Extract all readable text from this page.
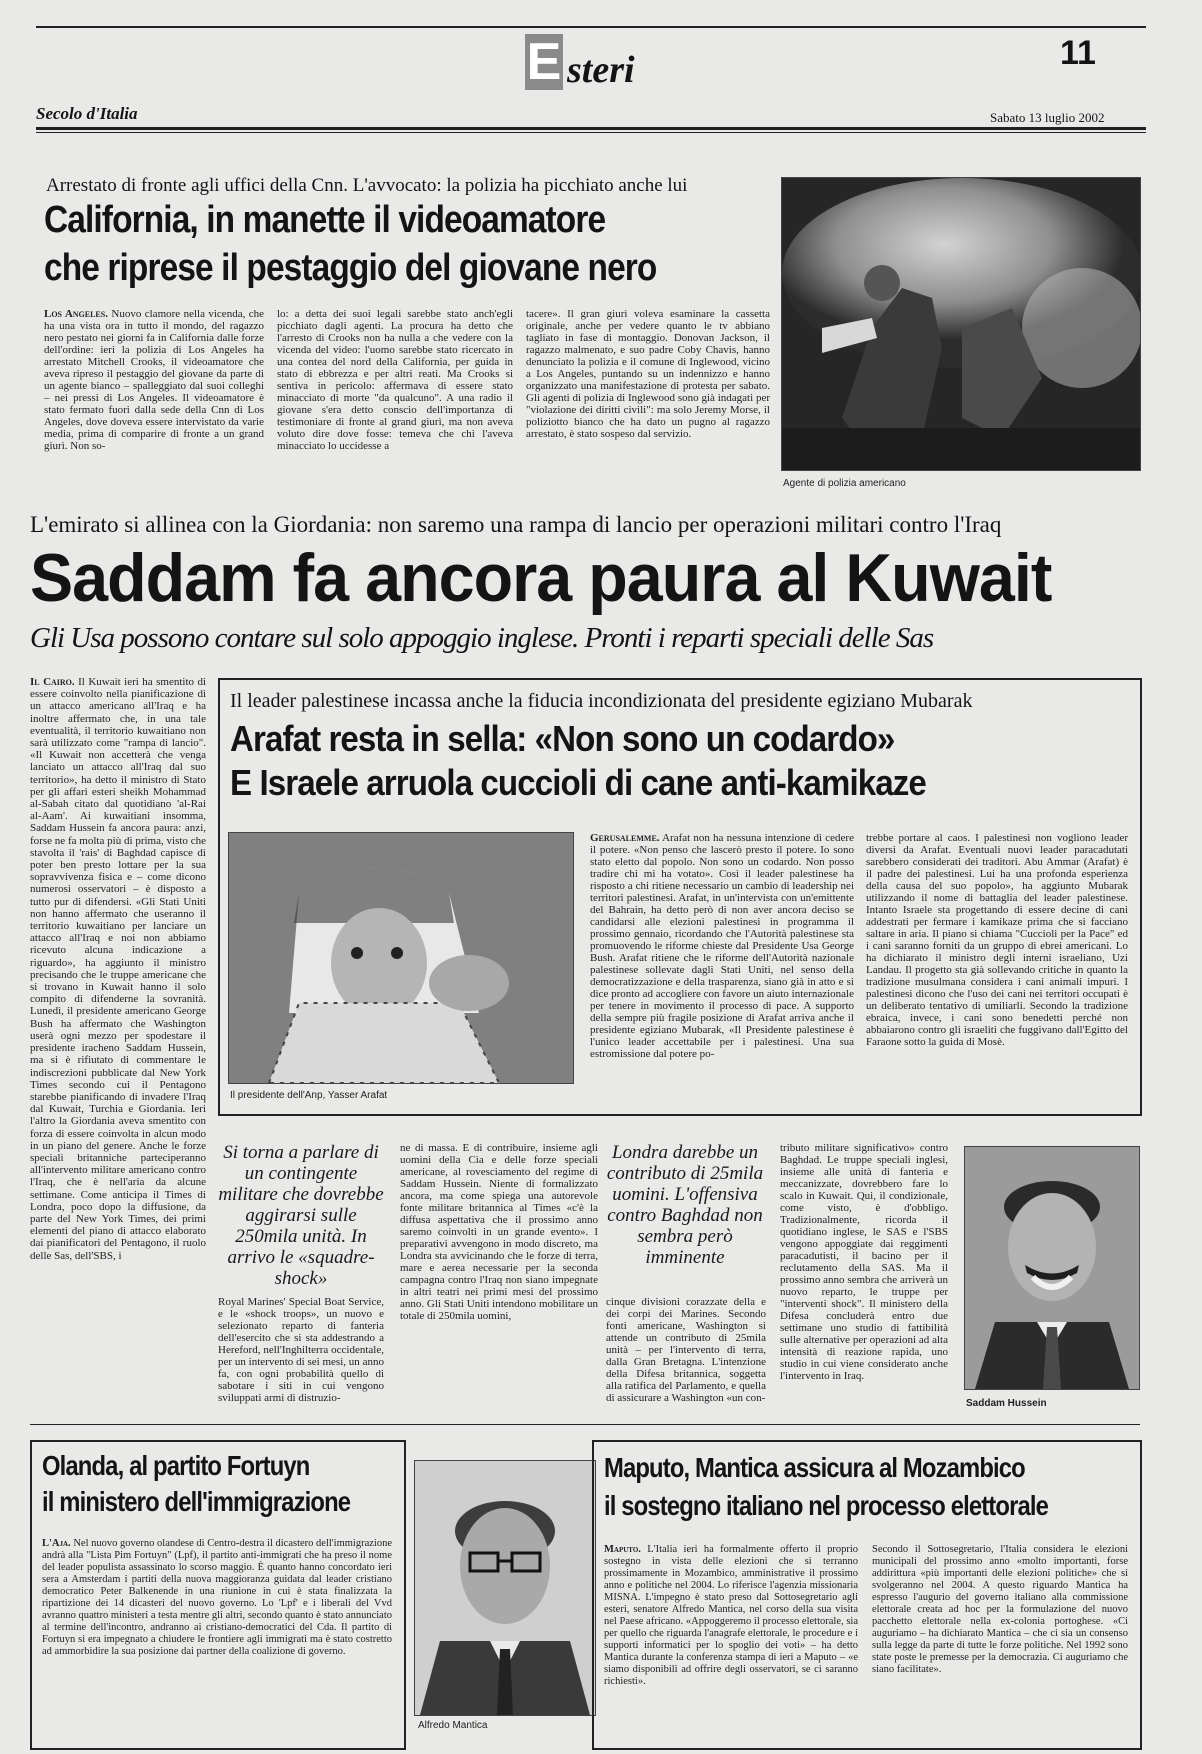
E steri	11
Secolo d'Italia	Sabato 13 luglio 2002
Arrestato di fronte agli uffici della Cnn. L'avvocato: la polizia ha picchiato anche lui
California, in manette il videoamatore
che riprese il pestaggio del giovane nero
Los Angeles. Nuovo clamore nella vicenda, che ha una vista ora in tutto il mondo, del ragazzo nero pestato nei giorni fa in California dalle forze dell'ordine: ieri la polizia di Los Angeles ha arrestato Mitchell Crooks, il videoamatore che aveva ripreso il pestaggio del giovane da parte di un agente bianco – spalleggiato dal suoi colleghi – nei pressi di Los Angeles. Il videoamatore è stato fermato fuori dalla sede della Cnn di Los Angeles, dove doveva essere intervistato da varie media, prima di comparire di fronte a un grand giurì. Non so-
lo: a detta dei suoi legali sarebbe stato anch'egli picchiato dagli agenti. La procura ha detto che l'arresto di Crooks non ha nulla a che vedere con la vicenda del video: l'uomo sarebbe stato ricercato in una contea del nord della California, per guida in stato di ebbrezza e per altri reati. Ma Crooks si sentiva in pericolo: affermava di essere stato minacciato di morte "da qualcuno". A una radio il giovane s'era detto conscio dell'importanza di testimoniare di fronte al grand giurì, ma non aveva voluto dire dove fosse: temeva che chi l'aveva minacciato lo uccidesse a
tacere». Il gran giurì voleva esaminare la cassetta originale, anche per vedere quanto le tv abbiano tagliato in fase di montaggio. Donovan Jackson, il ragazzo malmenato, e suo padre Coby Chavis, hanno denunciato la polizia e il comune di Inglewood, vicino a Los Angeles, puntando su un indennizzo e hanno organizzato una manifestazione di protesta per sabato. Gli agenti di polizia di Inglewood sono già indagati per "violazione dei diritti civili": ma solo Jeremy Morse, il poliziotto bianco che ha dato un pugno al ragazzo arrestato, è stato sospeso dal servizio.
Agente di polizia americano
L'emirato si allinea con la Giordania: non saremo una rampa di lancio per operazioni militari contro l'Iraq
Saddam fa ancora paura al Kuwait
Gli Usa possono contare sul solo appoggio inglese. Pronti i reparti speciali delle Sas
Il Cairo. Il Kuwait ieri ha smentito di essere coinvolto nella pianificazione di un attacco americano all'Iraq e ha inoltre affermato che, in una tale eventualità, il territorio kuwaitiano non sarà utilizzato come "rampa di lancio". «Il Kuwait non accetterà che venga lanciato un attacco all'Iraq dal suo territorio», ha detto il ministro di Stato per gli affari esteri sheikh Mohammad al-Sabah citato dal quotidiano 'al-Rai al-Aam'. Ai kuwaitiani insomma, Saddam Hussein fa ancora paura: anzi, forse ne fa molta più di prima, visto che stavolta il 'rais' di Baghdad capisce di poter ben presto lottare per la sua sopravvivenza fisica e – come dicono numerosi osservatori – è disposto a tutto pur di difendersi. «Gli Stati Uniti non hanno affermato che useranno il territorio kuwaitiano per lanciare un attacco all'Iraq e noi non abbiamo ricevuto alcuna indicazione a riguardo», ha aggiunto il ministro precisando che le truppe americane che si trovano in Kuwait hanno il solo compito di difenderne la sovranità. Lunedì, il presidente americano George Bush ha affermato che Washington userà ogni mezzo per spodestare il presidente iracheno Saddam Hussein, ma si è rifiutato di commentare le indiscrezioni pubblicate dal New York Times secondo cui il Pentagono starebbe pianificando di invadere l'Iraq dal Kuwait, Turchia e Giordania. Ieri l'altro la Giordania aveva smentito con forza di essere coinvolta in alcun modo in un piano del genere. Anche le forze speciali britanniche parteciperanno all'intervento militare americano contro l'Iraq, che è nell'aria da alcune settimane. Come anticipa il Times di Londra, poco dopo la diffusione, da parte del New York Times, dei primi elementi del piano di attacco elaborato dai pianificatori del Pentagono, il ruolo delle Sas, dell'SBS, i
Il leader palestinese incassa anche la fiducia incondizionata del presidente egiziano Mubarak
Arafat resta in sella: «Non sono un codardo»
E Israele arruola cuccioli di cane anti-kamikaze
Il presidente dell'Anp, Yasser Arafat
Gerusalemme. Arafat non ha nessuna intenzione di cedere il potere. «Non penso che lascerò presto il potere. Io sono stato eletto dal popolo. Non sono un codardo. Non posso tradire chi mi ha votato». Così il leader palestinese ha risposto a chi ritiene necessario un cambio di leadership nei territori palestinesi. Arafat, in un'intervista con un'emittente del Bahrain, ha detto però di non aver ancora deciso se candidarsi alle elezioni palestinesi in programma il prossimo gennaio, ricordando che l'Autorità palestinese sta promuovendo le riforme chieste dal Presidente Usa George Bush. Arafat ritiene che le riforme dell'Autorità nazionale palestinese sollevate dagli Stati Uniti, nel senso della democratizzazione e della trasparenza, siano già in atto e si dice pronto ad accogliere con favore un aiuto internazionale per tenere in movimento il processo di pace. A supporto della sempre più fragile posizione di Arafat arriva anche il presidente egiziano Mubarak, «Il Presidente palestinese è l'unico leader accettabile per i palestinesi. Una sua estromissione dal potere po-
trebbe portare al caos. I palestinesi non vogliono leader diversi da Arafat. Eventuali nuovi leader paracadutati sarebbero considerati dei traditori. Abu Ammar (Arafat) è il padre dei palestinesi. Lui ha una profonda esperienza della causa del suo popolo», ha aggiunto Mubarak utilizzando il nome di battaglia del leader palestinese. Intanto Israele sta progettando di essere decine di cani addestrati per fermare i kamikaze prima che si facciano saltare in aria. Il piano si chiama "Cuccioli per la Pace" ed i cani saranno forniti da un gruppo di ebrei americani. Lo ha dichiarato il ministro degli interni israeliano, Uzi Landau. Il progetto sta già sollevando critiche in quanto la tradizione musulmana considera i cani animali impuri. I palestinesi dicono che l'uso dei cani nei territori occupati è un deliberato tentativo di umiliarli. Secondo la tradizione ebraica, invece, i cani sono benedetti perché non abbaiarono contro gli israeliti che fuggivano dall'Egitto del Faraone sotto la guida di Mosè.
Si torna a parlare di un contingente militare che dovrebbe aggirarsi sulle 250mila unità. In arrivo le «squadre-shock»
Royal Marines' Special Boat Service, e le «shock troops», un nuovo e selezionato reparto di fanteria dell'esercito che si sta addestrando a Hereford, nell'Inghilterra occidentale, per un intervento di sei mesi, un anno fa, con ogni probabilità quello di sabotare i siti in cui vengono sviluppati armi di distruzio-
ne di massa. E di contribuire, insieme agli uomini della Cia e delle forze speciali americane, al rovesciamento del regime di Saddam Hussein. Niente di formalizzato ancora, ma come spiega una autorevole fonte militare britannica al Times «c'è la diffusa aspettativa che il prossimo anno saremo coinvolti in un grande evento». I preparativi avvengono in modo discreto, ma Londra sta avvicinando che le forze di terra, mare e aerea necessarie per la seconda campagna contro l'Iraq non siano impegnate in altri teatri nei primi mesi del prossimo anno. Gli Stati Uniti intendono mobilitare un totale di 250mila uomini,
Londra darebbe un contributo di 25mila uomini. L'offensiva contro Baghdad non sembra però imminente
cinque divisioni corazzate della e dei corpi dei Marines. Secondo fonti americane, Washington si attende un contributo di 25mila unità – per l'intervento di terra, dalla Gran Bretagna. L'intenzione della Difesa britannica, soggetta alla ratifica del Parlamento, e quella di assicurare a Washington «un con-
tributo militare significativo» contro Baghdad. Le truppe speciali inglesi, insieme alle unità di fanteria e meccanizzate, dovrebbero fare lo scalo in Kuwait. Qui, il condizionale, come visto, è d'obbligo. Tradizionalmente, ricorda il quotidiano inglese, le SAS e l'SBS vengono appoggiate dai reggimenti paracadutisti, il bacino per il reclutamento della SAS. Ma il prossimo anno sembra che arriverà un nuovo reparto, le truppe per "interventi shock". Il ministero della Difesa concluderà entro due settimane uno studio di fattibilità sulle alternative per operazioni ad alta intensità di reazione rapida, uno studio in cui viene considerato anche l'intervento in Iraq.
Saddam Hussein
Olanda, al partito Fortuyn
il ministero dell'immigrazione
L'Aja. Nel nuovo governo olandese di Centro-destra il dicastero dell'immigrazione andrà alla "Lista Pim Fortuyn" (Lpf), il partito anti-immigrati che ha preso il nome del leader populista assassinato lo scorso maggio. È quanto hanno concordato ieri sera a Amsterdam i partiti della nuova maggioranza guidata dal leader cristiano democratico Peter Balkenende in una riunione in cui è stata finalizzata la ripartizione dei 14 dicasteri del nuovo governo. Lo 'Lpf' e i liberali del Vvd avranno quattro ministeri a testa mentre gli altri, secondo quanto è stato annunciato al termine dell'incontro, andranno ai cristiano-democratici del Cda. Il partito di Fortuyn si era impegnato a chiudere le frontiere agli immigrati ma è stato costretto ad ammorbidire la sua posizione dai partner della coalizione di governo.
Alfredo Mantica
Maputo, Mantica assicura al Mozambico
il sostegno italiano nel processo elettorale
Maputo. L'Italia ieri ha formalmente offerto il proprio sostegno in vista delle elezioni che si terranno prossimamente in Mozambico, amministrative il prossimo anno e politiche nel 2004. Lo riferisce l'agenzia missionaria MISNA. L'impegno è stato preso dal Sottosegretario agli esteri, senatore Alfredo Mantica, nel corso della sua visita nel Paese africano. «Appoggeremo il processo elettorale, sia per quello che riguarda l'anagrafe elettorale, le procedure e i supporti informatici per lo spoglio dei voti» – ha detto Mantica durante la conferenza stampa di ieri a Maputo – «e siamo disponibili ad offrire degli osservatori, se ci saranno richiesti».
Secondo il Sottosegretario, l'Italia considera le elezioni municipali del prossimo anno «molto importanti, forse addirittura «più importanti delle elezioni politiche» che si svolgeranno nel 2004. A questo riguardo Mantica ha espresso l'augurio del governo italiano alla commissione elettorale creata ad hoc per la formulazione del nuovo pacchetto elettorale nella ex-colonia portoghese. «Ci auguriamo – ha dichiarato Mantica – che ci sia un consenso sulla legge da parte di tutte le forze politiche. Nel 1992 sono state poste le premesse per la democrazia. Ci auguriamo che siano facilitate».
